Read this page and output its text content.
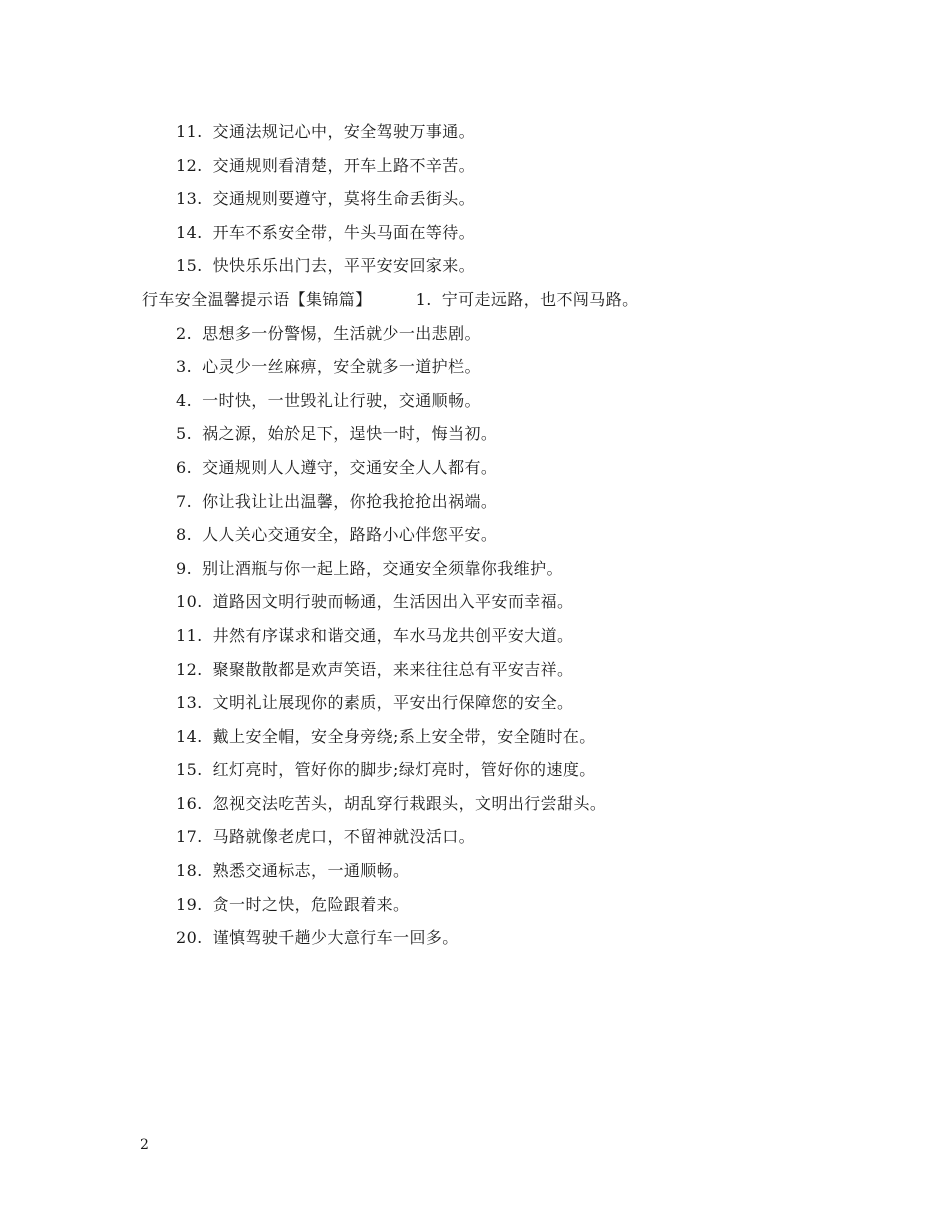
11. 交通法规记心中，安全驾驶万事通。
12. 交通规则看清楚，开车上路不辛苦。
13. 交通规则要遵守，莫将生命丢街头。
14. 开车不系安全带，牛头马面在等待。
15. 快快乐乐出门去，平平安安回家来。
行车安全温馨提示语【集锦篇】	1. 宁可走远路，也不闯马路。
2. 思想多一份警惕，生活就少一出悲剧。
3. 心灵少一丝麻痹，安全就多一道护栏。
4. 一时快，一世毁礼让行驶，交通顺畅。
5. 祸之源，始於足下，逞快一时，悔当初。
6. 交通规则人人遵守，交通安全人人都有。
7. 你让我让让出温馨，你抢我抢抢出祸端。
8. 人人关心交通安全，路路小心伴您平安。
9. 别让酒瓶与你一起上路，交通安全须靠你我维护。
10. 道路因文明行驶而畅通，生活因出入平安而幸福。
11. 井然有序谋求和谐交通，车水马龙共创平安大道。
12. 聚聚散散都是欢声笑语，来来往往总有平安吉祥。
13. 文明礼让展现你的素质，平安出行保障您的安全。
14. 戴上安全帽，安全身旁绕;系上安全带，安全随时在。
15. 红灯亮时，管好你的脚步;绿灯亮时，管好你的速度。
16. 忽视交法吃苦头，胡乱穿行栽跟头，文明出行尝甜头。
17. 马路就像老虎口，不留神就没活口。
18. 熟悉交通标志，一通顺畅。
19. 贪一时之快，危险跟着来。
20. 谨慎驾驶千趟少大意行车一回多。
2
